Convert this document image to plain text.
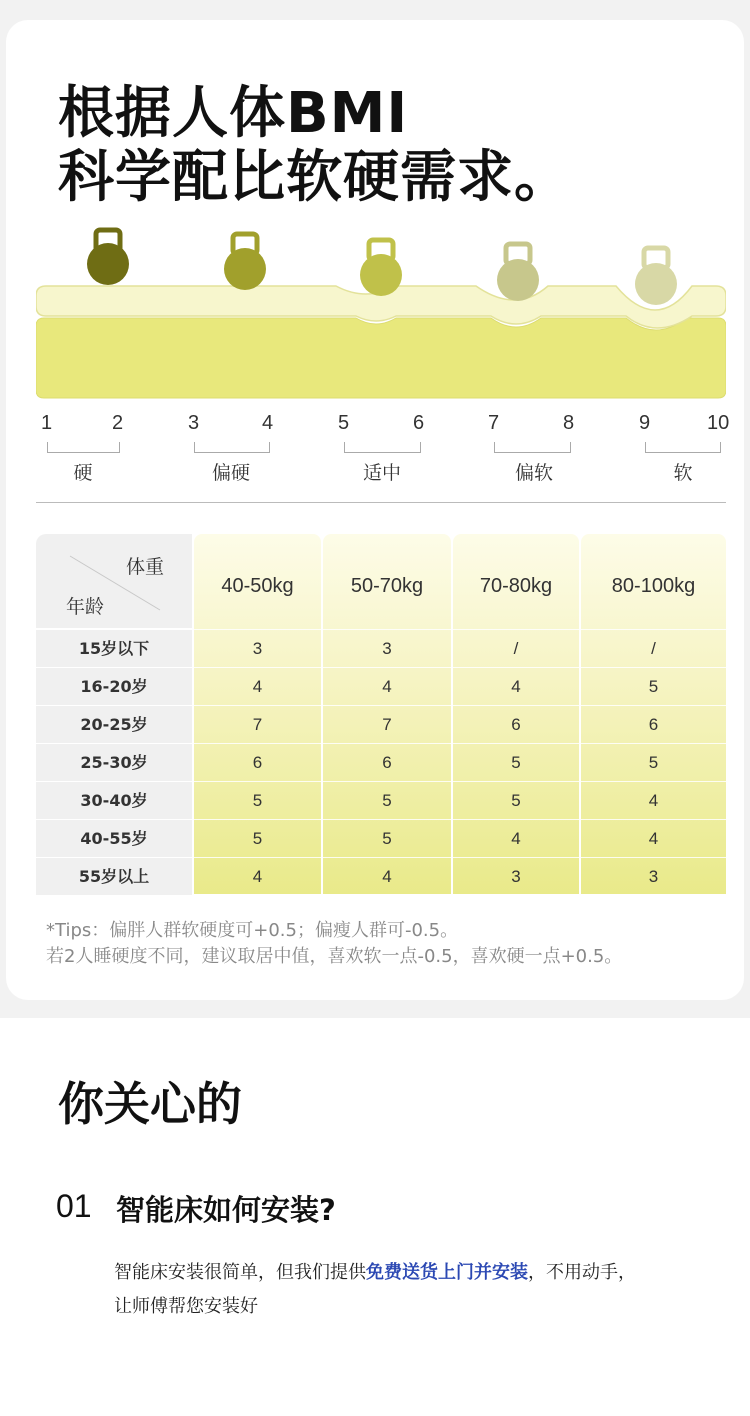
根据人体BMI
科学配比软硬需求。
1	2	3	4	5	6	7	8	9	10
硬	偏硬	适中	偏软	软
体重
年龄
40-50kg	50-70kg	70-80kg	80-100kg
15岁以下	3	3	/	/
16-20岁	4	4	4	5
20-25岁	7	7	6	6
25-30岁	6	6	5	5
30-40岁	5	5	5	4
40-55岁	5	5	4	4
55岁以上	4	4	3	3
*Tips：偏胖人群软硬度可+0.5；偏瘦人群可-0.5。
若2人睡硬度不同，建议取居中值，喜欢软一点-0.5，喜欢硬一点+0.5。
你关心的
01 智能床如何安装?
智能床安装很简单，但我们提供免费送货上门并安装，不用动手，
让师傅帮您安装好
